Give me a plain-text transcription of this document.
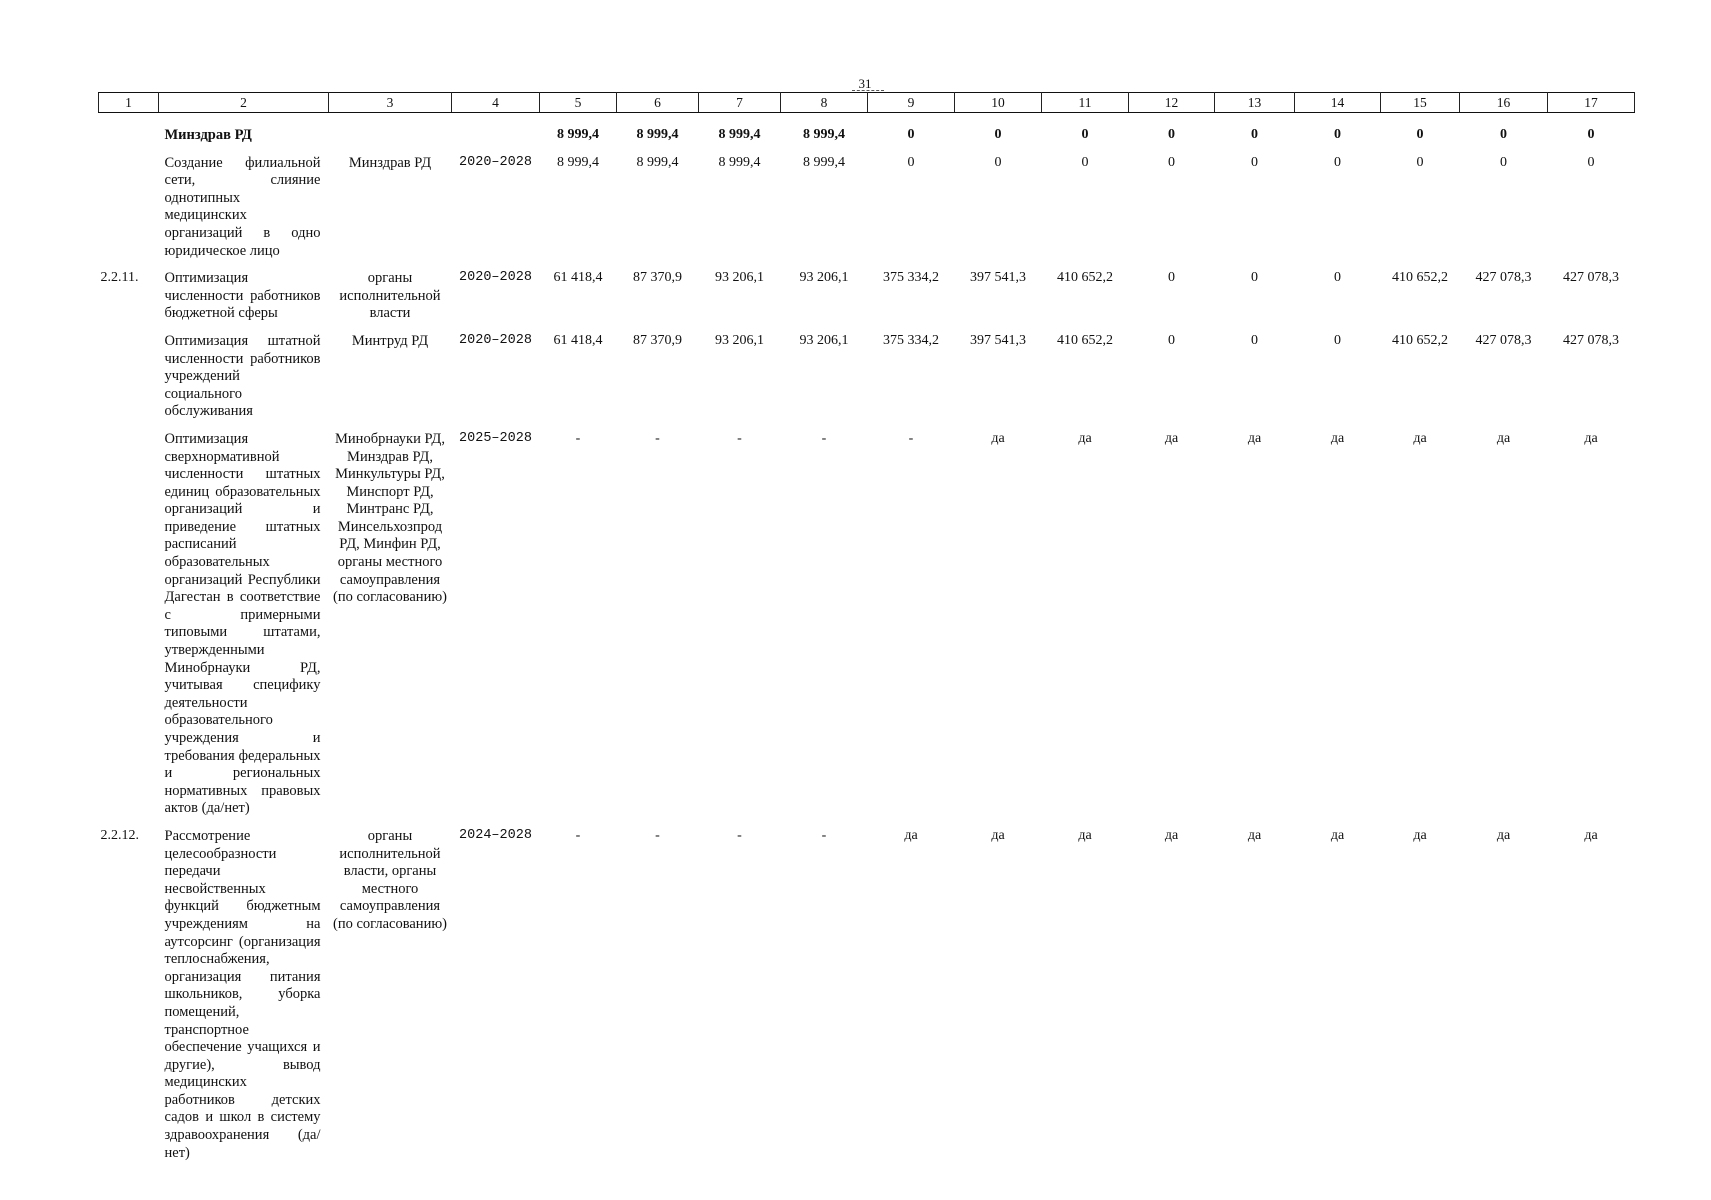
31
1	2	3	4	5	6	7	8	9	10	11	12	13	14	15	16	17
	Минздрав РД			8 999,4	8 999,4	8 999,4	8 999,4	0	0	0	0	0	0	0	0	0
	Создание филиальной сети, слияние однотипных медицинских организаций в одно юридическое лицо	Минздрав РД	2020–2028	8 999,4	8 999,4	8 999,4	8 999,4	0	0	0	0	0	0	0	0	0
2.2.11.	Оптимизация численности работников бюджетной сферы	органы исполнительной власти	2020–2028	61 418,4	87 370,9	93 206,1	93 206,1	375 334,2	397 541,3	410 652,2	0	0	0	410 652,2	427 078,3	427 078,3
	Оптимизация штатной численности работников учреждений социального обслуживания	Минтруд РД	2020–2028	61 418,4	87 370,9	93 206,1	93 206,1	375 334,2	397 541,3	410 652,2	0	0	0	410 652,2	427 078,3	427 078,3
	Оптимизация сверхнормативной численности штатных единиц образовательных организаций и приведение штатных расписаний образовательных организаций Республики Дагестан в соответствие с примерными типовыми штатами, утвержденными Минобрнауки РД, учитывая специфику деятельности образовательного учреждения и требования федеральных и региональных нормативных правовых актов (да/нет)	Минобрнауки РД, Минздрав РД, Минкультуры РД, Минспорт РД, Минтранс РД, Минсельхозпрод РД, Минфин РД, органы местного самоуправления (по согласованию)	2025–2028	-	-	-	-	-	да	да	да	да	да	да	да	да
2.2.12.	Рассмотрение целесообразности передачи несвойственных функций бюджетным учреждениям на аутсорсинг (организация теплоснабжения, организация питания школьников, уборка помещений, транспортное обеспечение учащихся и другие), вывод медицинских работников детских садов и школ в систему здравоохранения (да/нет)	органы исполнительной власти, органы местного самоуправления (по согласованию)	2024–2028	-	-	-	-	да	да	да	да	да	да	да	да	да
